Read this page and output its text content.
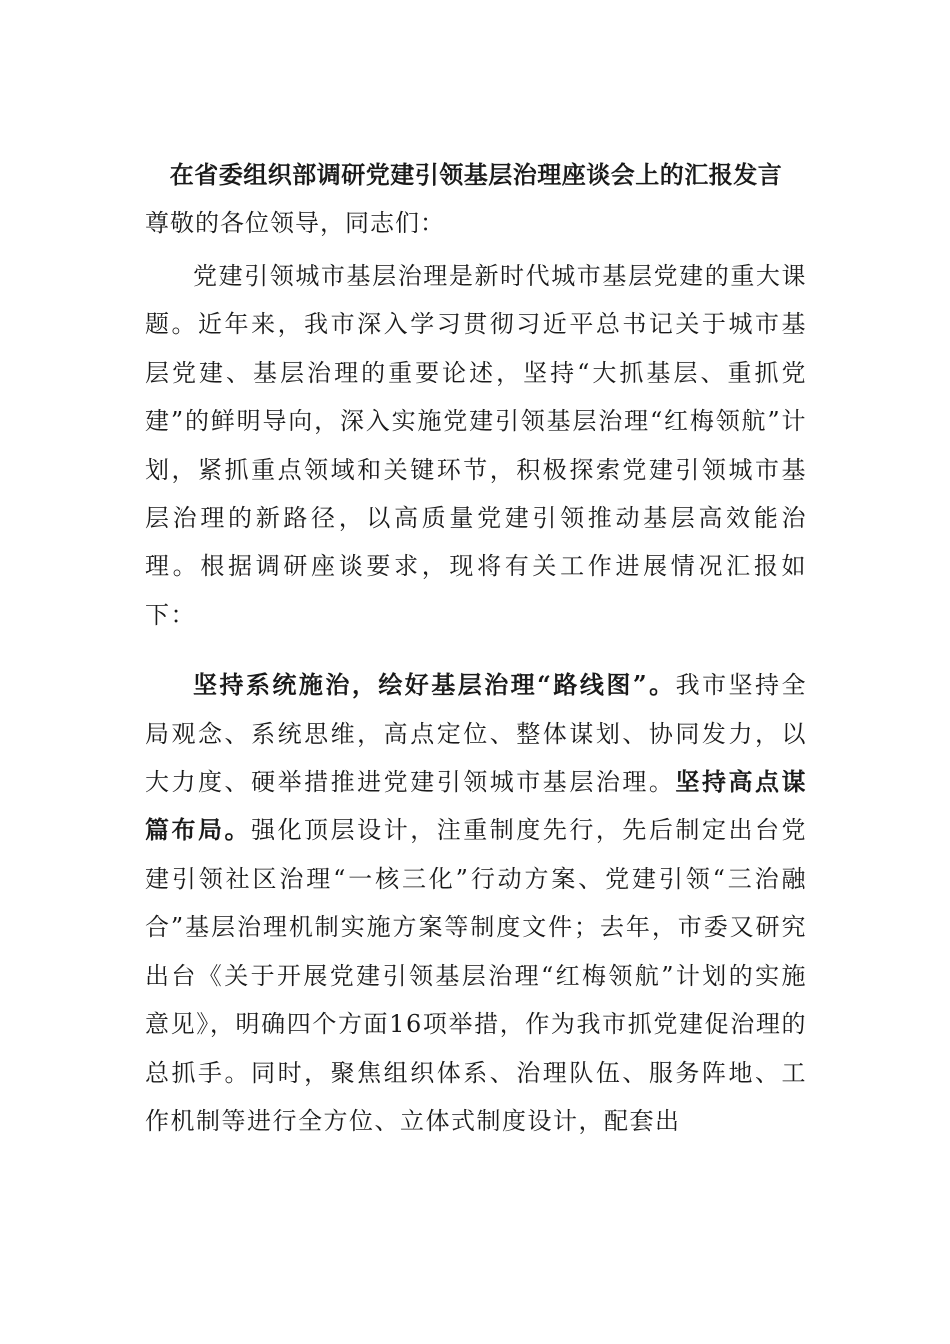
在省委组织部调研党建引领基层治理座谈会上的汇报发言

尊敬的各位领导，同志们：

党建引领城市基层治理是新时代城市基层党建的重大课题。近年来，我市深入学习贯彻习近平总书记关于城市基层党建、基层治理的重要论述，坚持“大抓基层、重抓党建”的鲜明导向，深入实施党建引领基层治理“红梅领航”计划，紧抓重点领域和关键环节，积极探索党建引领城市基层治理的新路径，以高质量党建引领推动基层高效能治理。根据调研座谈要求，现将有关工作进展情况汇报如下：

坚持系统施治，绘好基层治理“路线图”。我市坚持全局观念、系统思维，高点定位、整体谋划、协同发力，以大力度、硬举措推进党建引领城市基层治理。坚持高点谋篇布局。强化顶层设计，注重制度先行，先后制定出台党建引领社区治理“一核三化”行动方案、党建引领“三治融合”基层治理机制实施方案等制度文件；去年，市委又研究出台《关于开展党建引领基层治理“红梅领航”计划的实施意见》，明确四个方面16项举措，作为我市抓党建促治理的总抓手。同时，聚焦组织体系、治理队伍、服务阵地、工作机制等进行全方位、立体式制度设计，配套出
